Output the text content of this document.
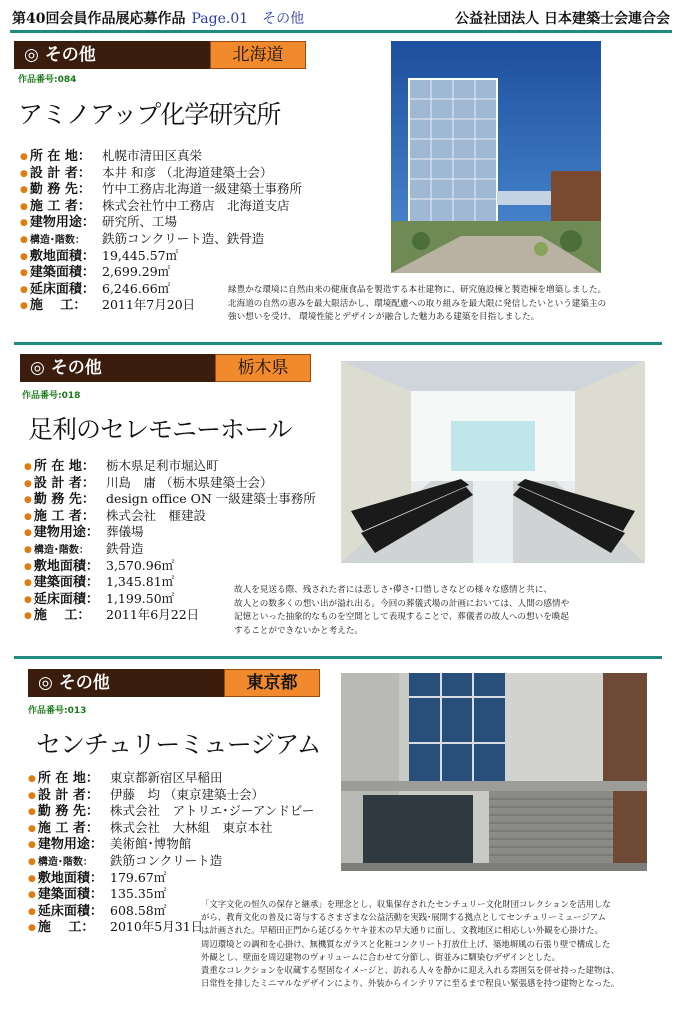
第40回会員作品展応募作品 Page.01　その他	公益社団法人 日本建築士会連合会
◎ その他	北海道
作品番号:084
アミノアップ化学研究所
● 所 在 地： 札幌市清田区真栄
● 設 計 者： 本井 和彦 （北海道建築士会）
● 勤 務 先： 竹中工務店北海道一級建築士事務所
● 施 工 者： 株式会社竹中工務店　北海道支店
● 建物用途： 研究所、工場
● 構造･階数： 鉄筋コンクリート造、鉄骨造
● 敷地面積： 19,445.57㎡
● 建築面積： 2,699.29㎡
● 延床面積： 6,246.66㎡
● 施　 工： 2011年7月20日

緑豊かな環境に自然由来の健康食品を製造する本社建物に、研究施設棟と製造棟を増築しました。

北海道の自然の恵みを最大限活かし、環境配慮への取り組みを最大限に発信したいという建築主の

強い想いを受け、 環境性能とデザインが融合した魅力ある建築を目指しました。

◎ その他	栃木県
作品番号:018
足利のセレモニーホール
● 所 在 地： 栃木県足利市堀込町
● 設 計 者： 川島　庸 （栃木県建築士会）
● 勤 務 先： design office ON 一級建築士事務所
● 施 工 者： 株式会社　榧建設
● 建物用途： 葬儀場
● 構造･階数： 鉄骨造
● 敷地面積： 3,570.96㎡
● 建築面積： 1,345.81㎡
● 延床面積： 1,199.50㎡
● 施　 工： 2011年6月22日

故人を見送る際、残された者には悲しさ･儚さ･口惜しさなどの様々な感情と共に、

故人との数多くの想い出が溢れ出る。今回の葬儀式場の計画においては、人間の感情や

記憶といった抽象的なものを空間として表現することで、葬儀者の故人への想いを喚起

することができないかと考えた。

◎ その他	東京都
作品番号:013
センチュリーミュージアム
● 所 在 地： 東京都新宿区早稲田
● 設 計 者： 伊藤　均 （東京建築士会）
● 勤 務 先： 株式会社　アトリエ･ジーアンドビー
● 施 工 者： 株式会社　大林組　東京本社
● 建物用途： 美術館･博物館
● 構造･階数： 鉄筋コンクリート造
● 敷地面積： 179.67㎡
● 建築面積： 135.35㎡
● 延床面積： 608.58㎡
● 施　 工： 2010年5月31日

「文字文化の恒久の保存と継承」を理念とし、収集保存されたセンチュリー文化財団コレクションを活用しな

がら、教育文化の普及に寄与するさまざまな公益活動を実践･展開する拠点としてセンチュリーミュージアム

は計画された。早稲田正門から延びるケヤキ並木の早大通りに面し、文教地区に相応しい外観を心掛けた。

周辺環境との調和を心掛け、無機質なガラスと化粧コンクリート打放仕上げ、築地塀風の石張り壁で構成した

外観とし、壁面を周辺建物のヴォリュームに合わせて分節し、街並みに馴染むデザインとした。

貴重なコレクションを収蔵する堅固なイメージと、訪れる人々を静かに迎え入れる雰囲気を併せ持った建物は、

日常性を排したミニマルなデザインにより、外装からインテリアに至るまで程良い緊張感を持つ建物となった。
